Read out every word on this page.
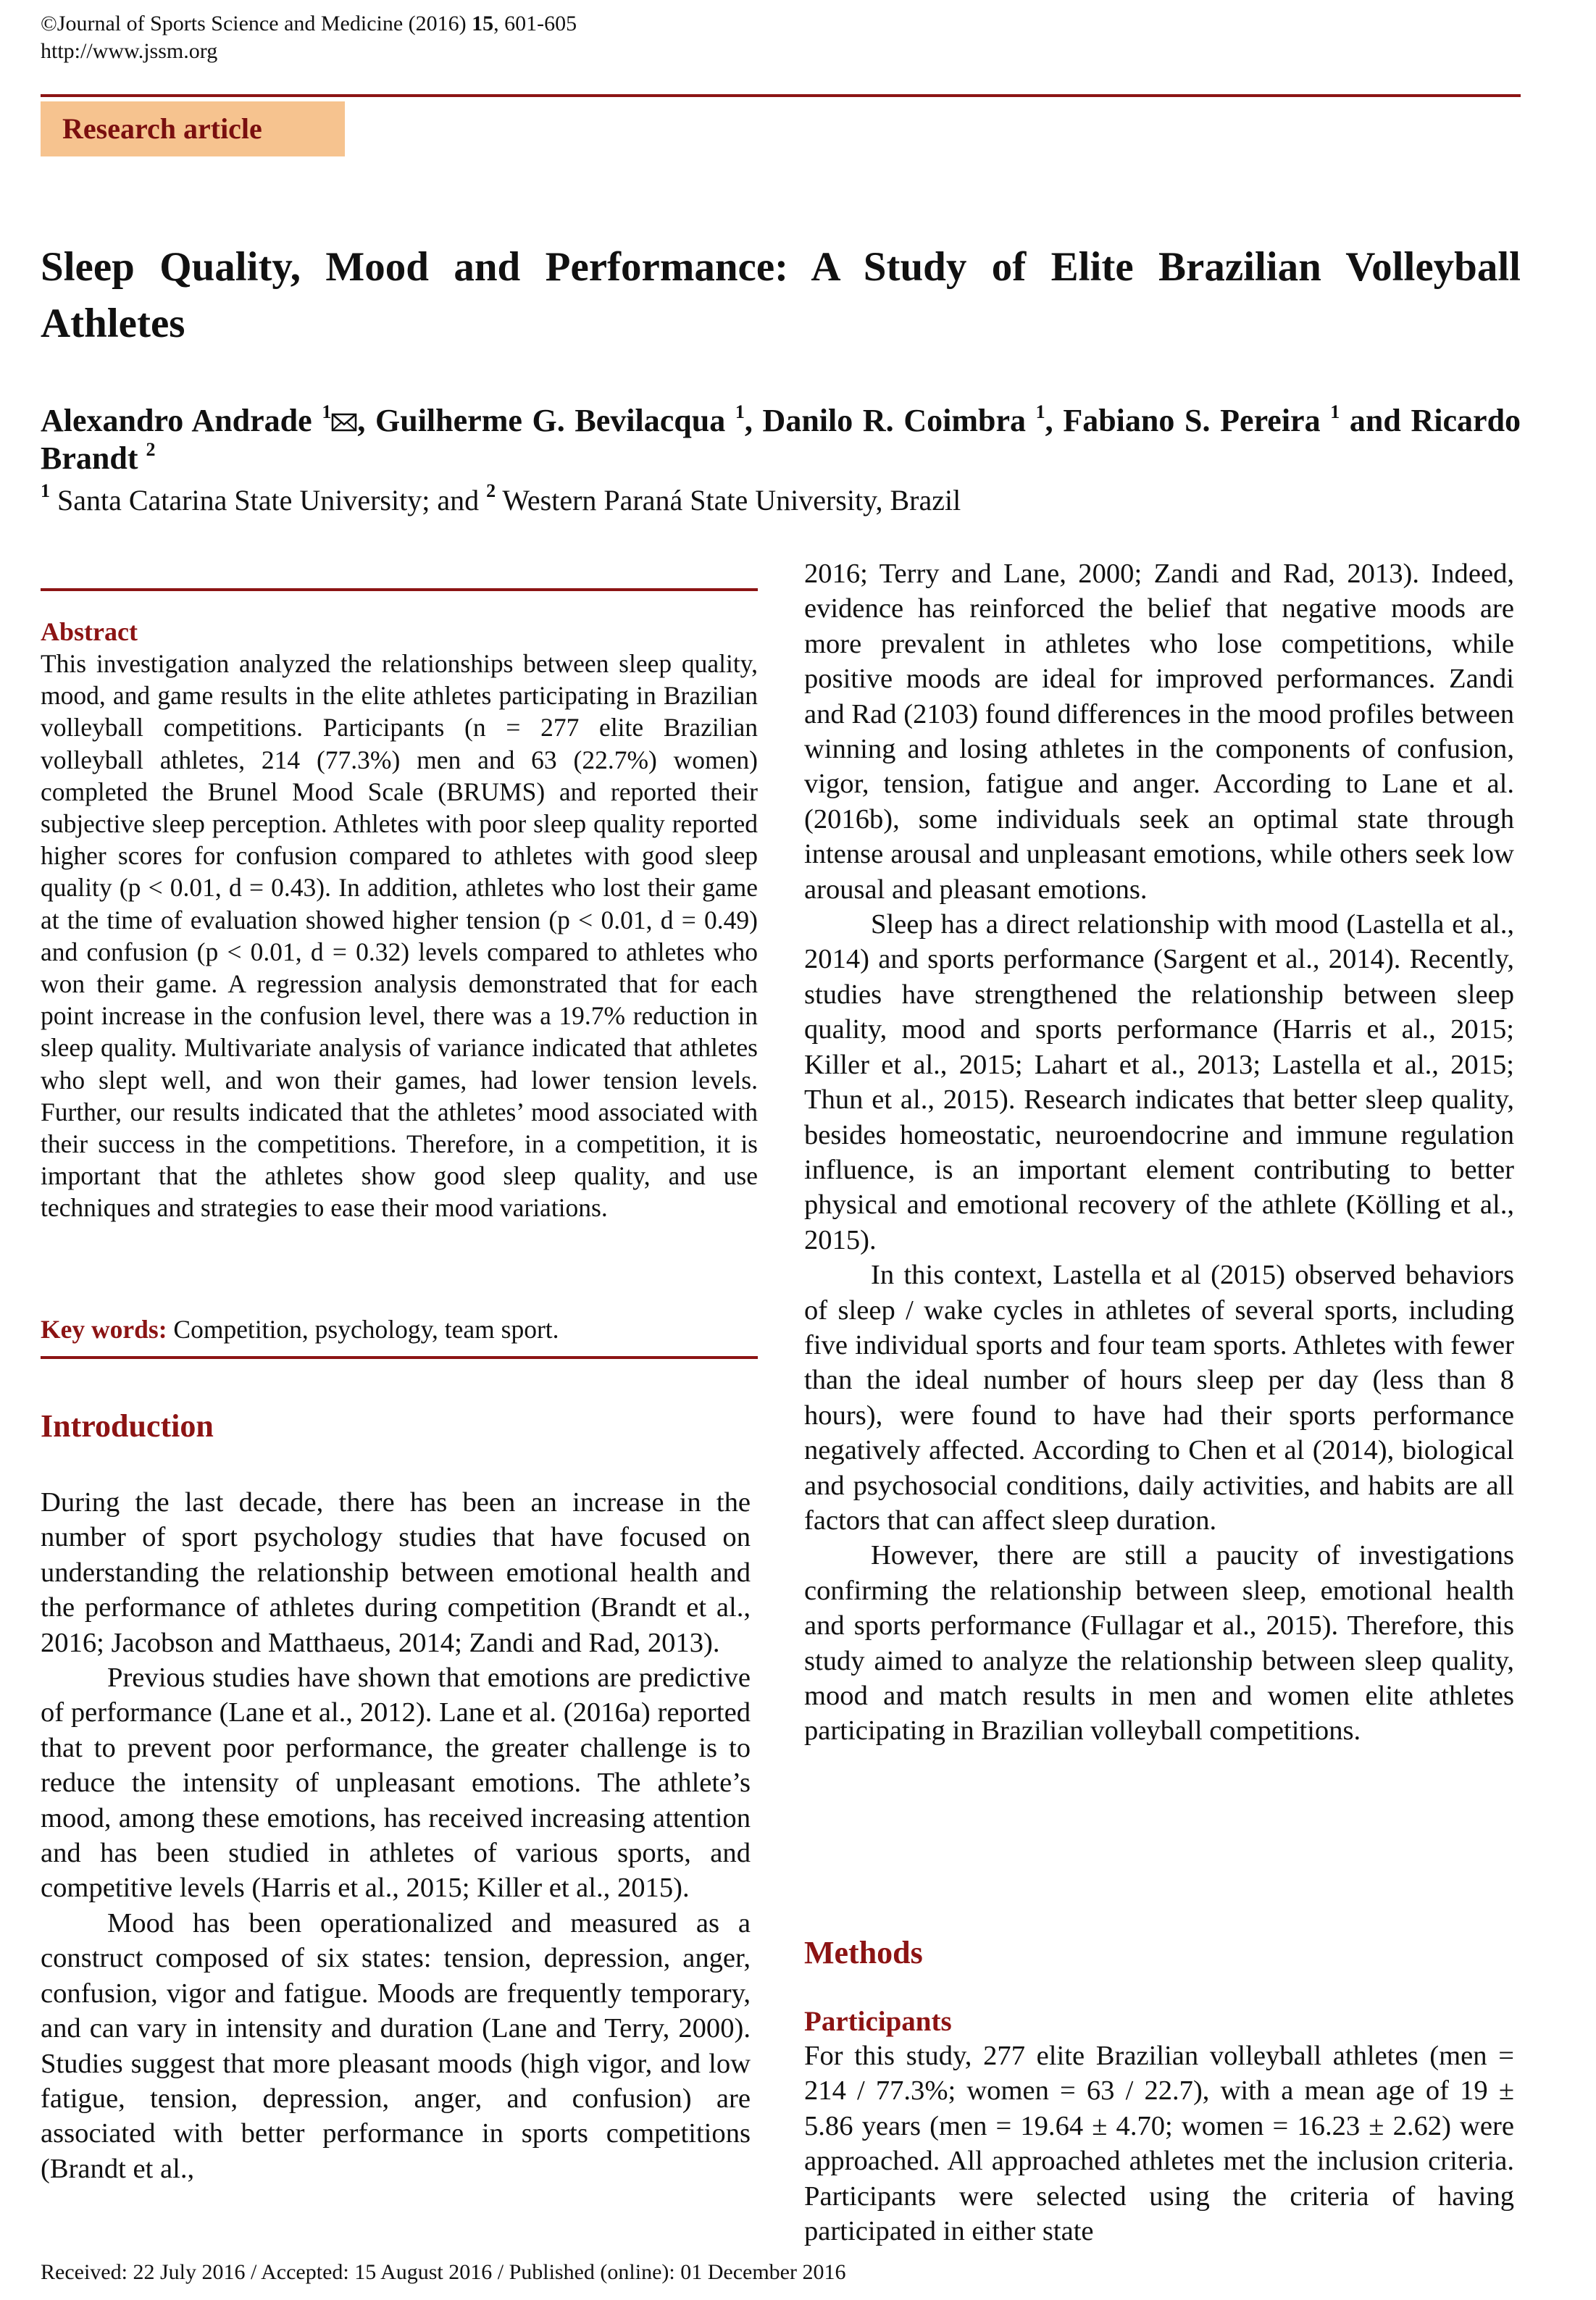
©Journal of Sports Science and Medicine (2016) 15, 601-605
http://www.jssm.org
Research article
Sleep Quality, Mood and Performance: A Study of Elite Brazilian Volleyball Athletes
Alexandro Andrade $^1$ , Guilherme G. Bevilacqua $^1$, Danilo R. Coimbra $^1$, Fabiano S. Pereira $^1$ and Ricardo Brandt $^2$
$^1$ Santa Catarina State University; and $^2$ Western Paraná State University, Brazil
Abstract
This investigation analyzed the relationships between sleep quality, mood, and game results in the elite athletes participating in Brazilian volleyball competitions. Participants (n = 277 elite Brazilian volleyball athletes, 214 (77.3%) men and 63 (22.7%) women) completed the Brunel Mood Scale (BRUMS) and reported their subjective sleep perception. Athletes with poor sleep quality reported higher scores for confusion compared to athletes with good sleep quality (p < 0.01, d = 0.43). In addition, athletes who lost their game at the time of evaluation showed higher tension (p < 0.01, d = 0.49) and confusion (p < 0.01, d = 0.32) levels compared to athletes who won their game. A regression analysis demonstrated that for each point increase in the confusion level, there was a 19.7% reduction in sleep quality. Multivariate analysis of variance indicated that athletes who slept well, and won their games, had lower tension levels. Further, our results indicated that the athletes’ mood associated with their success in the competitions. Therefore, in a competition, it is important that the athletes show good sleep quality, and use techniques and strategies to ease their mood variations.
Key words: Competition, psychology, team sport.
Introduction

During the last decade, there has been an increase in the number of sport psychology studies that have focused on understanding the relationship between emotional health and the performance of athletes during competition (Brandt et al., 2016; Jacobson and Matthaeus, 2014; Zandi and Rad, 2013).

Previous studies have shown that emotions are predictive of performance (Lane et al., 2012). Lane et al. (2016a) reported that to prevent poor performance, the greater challenge is to reduce the intensity of unpleasant emotions. The athlete’s mood, among these emotions, has received increasing attention and has been studied in athletes of various sports, and competitive levels (Harris et al., 2015; Killer et al., 2015).

Mood has been operationalized and measured as a construct composed of six states: tension, depression, anger, confusion, vigor and fatigue. Moods are frequently temporary, and can vary in intensity and duration (Lane and Terry, 2000). Studies suggest that more pleasant moods (high vigor, and low fatigue, tension, depression, anger, and confusion) are associated with better performance in sports competitions (Brandt et al.,

2016; Terry and Lane, 2000; Zandi and Rad, 2013). Indeed, evidence has reinforced the belief that negative moods are more prevalent in athletes who lose competitions, while positive moods are ideal for improved performances. Zandi and Rad (2103) found differences in the mood profiles between winning and losing athletes in the components of confusion, vigor, tension, fatigue and anger. According to Lane et al. (2016b), some individuals seek an optimal state through intense arousal and unpleasant emotions, while others seek low arousal and pleasant emotions.

Sleep has a direct relationship with mood (Lastella et al., 2014) and sports performance (Sargent et al., 2014). Recently, studies have strengthened the relationship between sleep quality, mood and sports performance (Harris et al., 2015; Killer et al., 2015; Lahart et al., 2013; Lastella et al., 2015; Thun et al., 2015). Research indicates that better sleep quality, besides homeostatic, neuroendocrine and immune regulation influence, is an important element contributing to better physical and emotional recovery of the athlete (Kölling et al., 2015).

In this context, Lastella et al (2015) observed behaviors of sleep / wake cycles in athletes of several sports, including five individual sports and four team sports. Athletes with fewer than the ideal number of hours sleep per day (less than 8 hours), were found to have had their sports performance negatively affected. According to Chen et al (2014), biological and psychosocial conditions, daily activities, and habits are all factors that can affect sleep duration.

However, there are still a paucity of investigations confirming the relationship between sleep, emotional health and sports performance (Fullagar et al., 2015). Therefore, this study aimed to analyze the relationship between sleep quality, mood and match results in men and women elite athletes participating in Brazilian volleyball competitions.

Methods
Participants

For this study, 277 elite Brazilian volleyball athletes (men = 214 / 77.3%; women = 63 / 22.7), with a mean age of 19 ± 5.86 years (men = 19.64 ± 4.70; women = 16.23 ± 2.62) were approached. All approached athletes met the inclusion criteria. Participants were selected using the criteria of having participated in either state

Received: 22 July 2016 / Accepted: 15 August 2016 / Published (online): 01 December 2016
